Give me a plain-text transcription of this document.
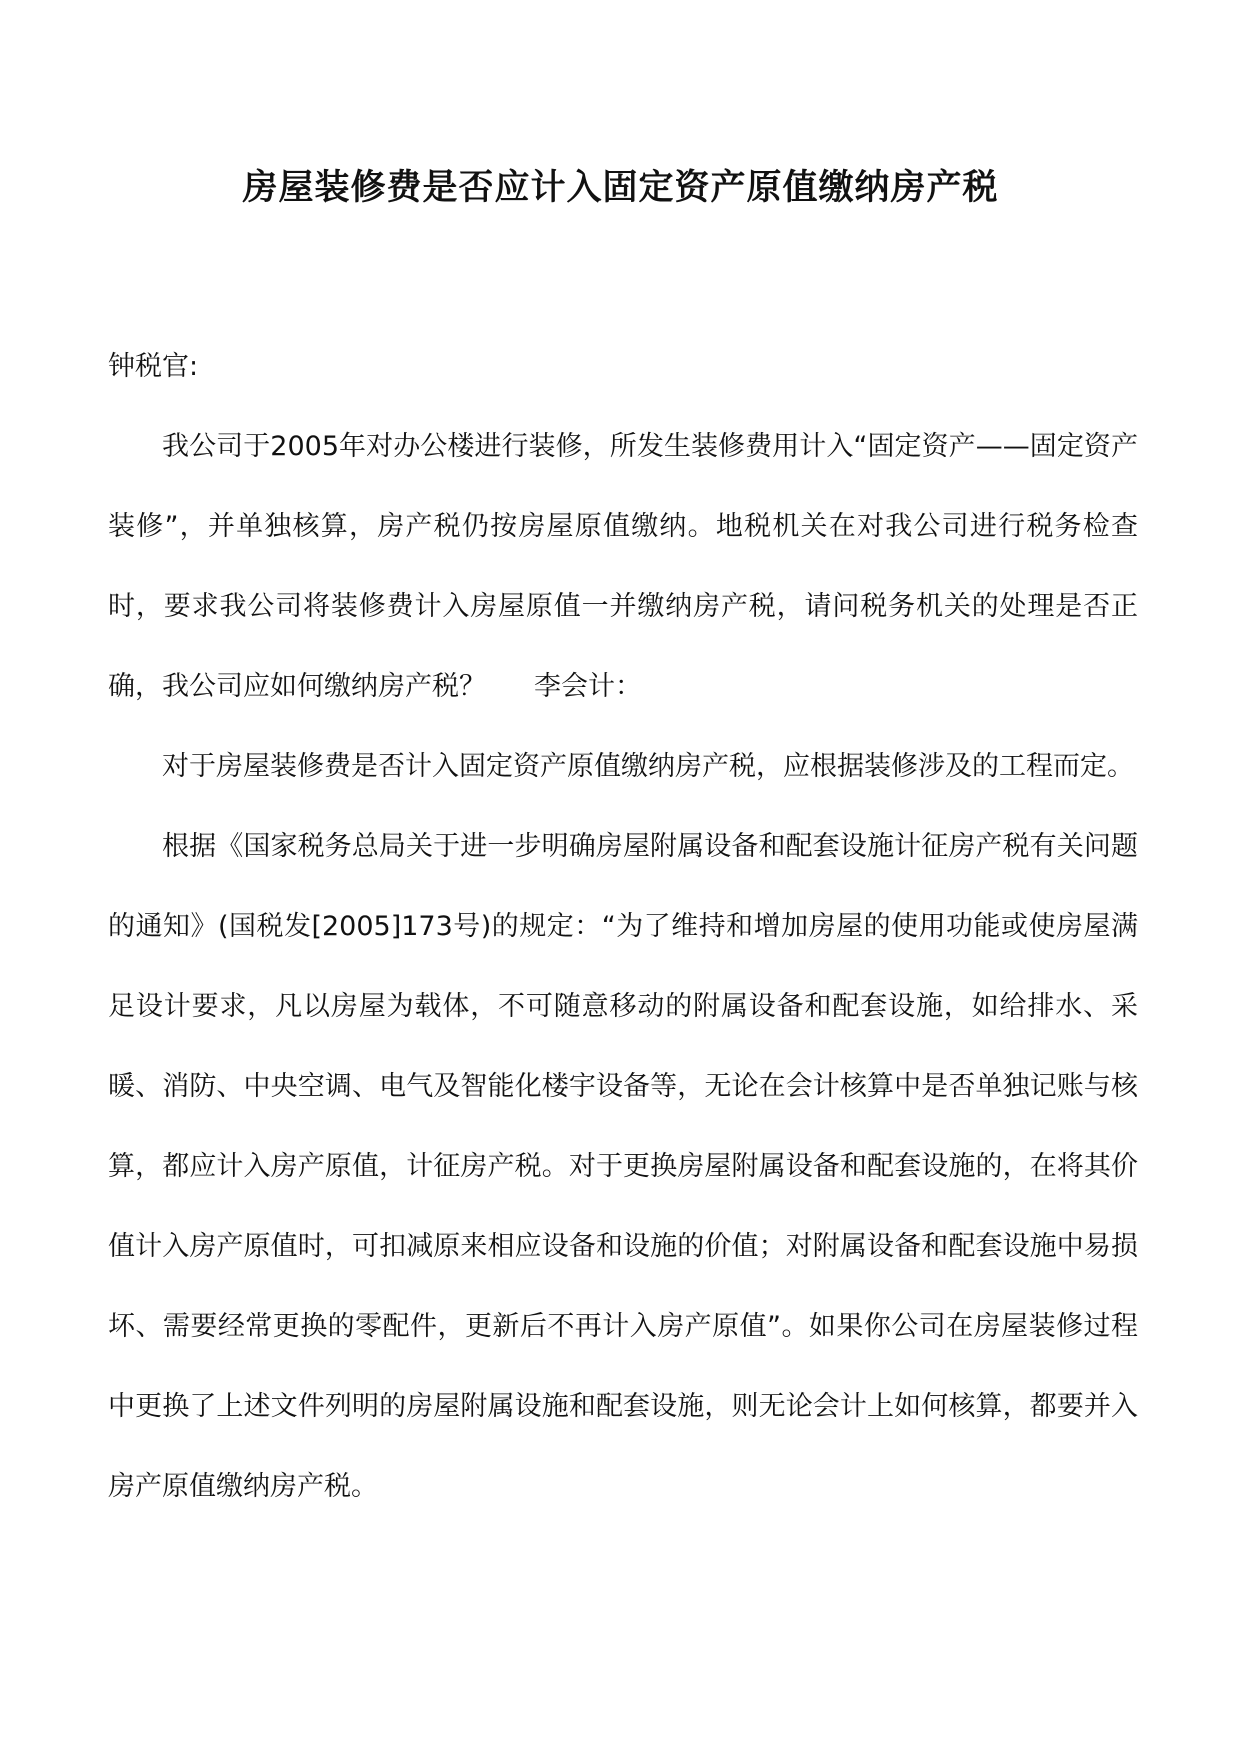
房屋装修费是否应计入固定资产原值缴纳房产税

钟税官:

我公司于2005年对办公楼进行装修，所发生装修费用计入“固定资产——固定资产装修”，并单独核算，房产税仍按房屋原值缴纳。地税机关在对我公司进行税务检查时，要求我公司将装修费计入房屋原值一并缴纳房产税，请问税务机关的处理是否正确，我公司应如何缴纳房产税？ 李会计：

对于房屋装修费是否计入固定资产原值缴纳房产税，应根据装修涉及的工程而定。

根据《国家税务总局关于进一步明确房屋附属设备和配套设施计征房产税有关问题的通知》(国税发[2005]173号)的规定：“为了维持和增加房屋的使用功能或使房屋满足设计要求，凡以房屋为载体，不可随意移动的附属设备和配套设施，如给排水、采暖、消防、中央空调、电气及智能化楼宇设备等，无论在会计核算中是否单独记账与核算，都应计入房产原值，计征房产税。对于更换房屋附属设备和配套设施的，在将其价值计入房产原值时，可扣减原来相应设备和设施的价值；对附属设备和配套设施中易损坏、需要经常更换的零配件，更新后不再计入房产原值”。如果你公司在房屋装修过程中更换了上述文件列明的房屋附属设施和配套设施，则无论会计上如何核算，都要并入房产原值缴纳房产税。
